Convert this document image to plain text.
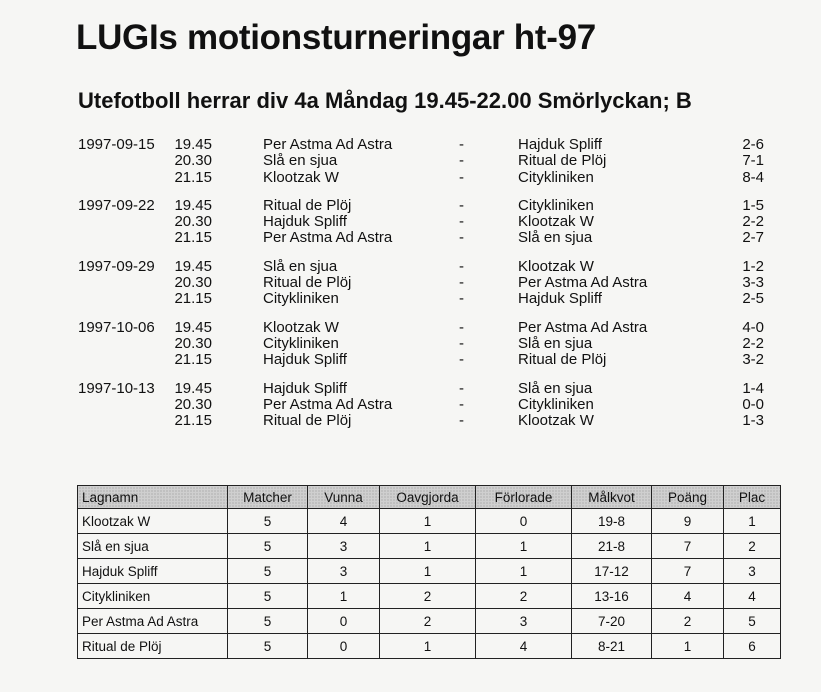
LUGIs motionsturneringar ht-97
Utefotboll herrar div 4a Måndag 19.45-22.00 Smörlyckan; B
1997-09-15	19.45	Per Astma Ad Astra	-	Hajduk Spliff	2-6
20.30	Slå en sjua	-	Ritual de Plöj	7-1
21.15	Klootzak W	-	Citykliniken	8-4
1997-09-22	19.45	Ritual de Plöj	-	Citykliniken	1-5
20.30	Hajduk Spliff	-	Klootzak W	2-2
21.15	Per Astma Ad Astra	-	Slå en sjua	2-7
1997-09-29	19.45	Slå en sjua	-	Klootzak W	1-2
20.30	Ritual de Plöj	-	Per Astma Ad Astra	3-3
21.15	Citykliniken	-	Hajduk Spliff	2-5
1997-10-06	19.45	Klootzak W	-	Per Astma Ad Astra	4-0
20.30	Citykliniken	-	Slå en sjua	2-2
21.15	Hajduk Spliff	-	Ritual de Plöj	3-2
1997-10-13	19.45	Hajduk Spliff	-	Slå en sjua	1-4
20.30	Per Astma Ad Astra	-	Citykliniken	0-0
21.15	Ritual de Plöj	-	Klootzak W	1-3
Lagnamn	Matcher	Vunna	Oavgjorda	Förlorade	Målkvot	Poäng	Plac
Klootzak W	5	4	1	0	19-8	9	1
Slå en sjua	5	3	1	1	21-8	7	2
Hajduk Spliff	5	3	1	1	17-12	7	3
Citykliniken	5	1	2	2	13-16	4	4
Per Astma Ad Astra	5	0	2	3	7-20	2	5
Ritual de Plöj	5	0	1	4	8-21	1	6
